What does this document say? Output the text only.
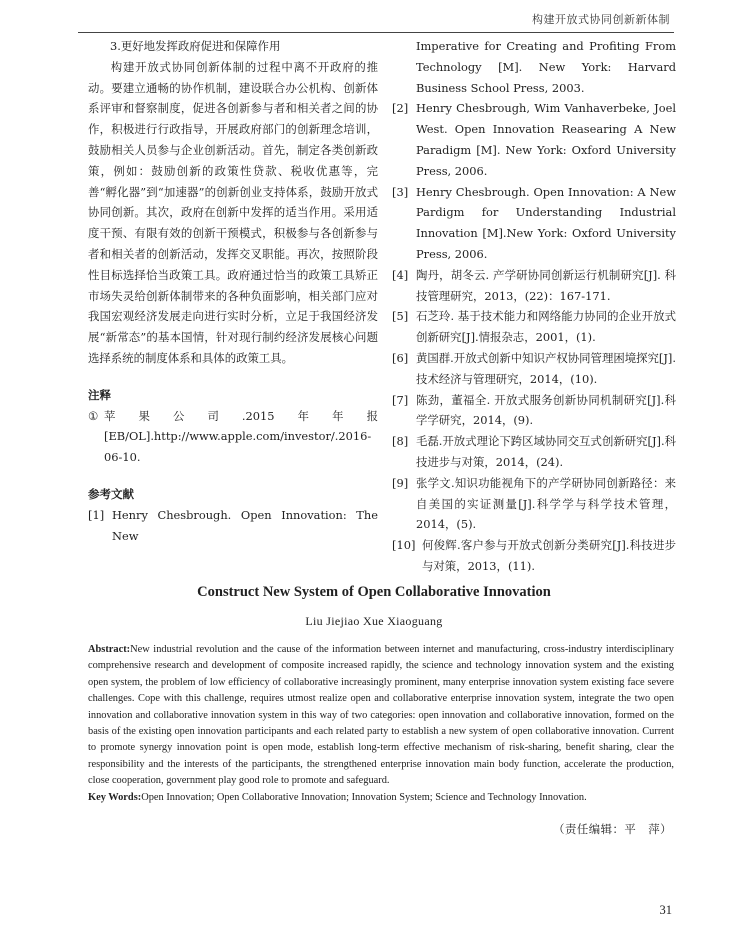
构建开放式协同创新新体制

3.更好地发挥政府促进和保障作用

构建开放式协同创新体制的过程中离不开政府的推动。要建立通畅的协作机制，建设联合办公机构、创新体系评审和督察制度，促进各创新参与者和相关者之间的协作，积极进行行政指导，开展政府部门的创新理念培训，鼓励相关人员参与企业创新活动。首先，制定各类创新政策，例如：鼓励创新的政策性贷款、税收优惠等，完善“孵化器”到“加速器”的创新创业支持体系，鼓励开放式协同创新。其次，政府在创新中发挥的适当作用。采用适度干预、有限有效的创新干预模式，积极参与各创新参与者和相关者的创新活动，发挥交叉职能。再次，按照阶段性目标选择恰当政策工具。政府通过恰当的政策工具矫正市场失灵给创新体制带来的各种负面影响，相关部门应对我国宏观经济发展走向进行实时分析，立足于我国经济发展“新常态”的基本国情，针对现行制约经济发展核心问题选择系统的制度体系和具体的政策工具。

注释

① 苹果公司.2015年年报[EB/OL].http://www.apple.com/investor/.2016-06-10.

参考文献

[1] Henry Chesbrough. Open Innovation: The New
Imperative for Creating and Profiting From Technology [M]. New York: Harvard Business School Press, 2003.
[2] Henry Chesbrough, Wim Vanhaverbeke, Joel West. Open Innovation Reasearing A New Paradigm [M]. New York: Oxford University Press, 2006.
[3] Henry Chesbrough. Open Innovation: A New Pardigm for Understanding Industrial Innovation [M].New York: Oxford University Press, 2006.
[4] 陶丹，胡冬云. 产学研协同创新运行机制研究[J]. 科技管理研究，2013，(22)：167-171.
[5] 石芝玲. 基于技术能力和网络能力协同的企业开放式创新研究[J].情报杂志，2001，(1).
[6] 黄国群.开放式创新中知识产权协同管理困境探究[J]. 技术经济与管理研究，2014，(10).
[7] 陈劲，董福全. 开放式服务创新协同机制研究[J].科学学研究，2014，(9).
[8] 毛磊.开放式理论下跨区域协同交互式创新研究[J].科技进步与对策，2014，(24).
[9] 张学文.知识功能视角下的产学研协同创新路径：来自美国的实证测量[J].科学学与科学技术管理，2014，(5).
[10] 何俊辉.客户参与开放式创新分类研究[J].科技进步与对策，2013，(11).
Construct New System of Open Collaborative Innovation
Liu Jiejiao Xue Xiaoguang
Abstract:New industrial revolution and the cause of the information between internet and manufacturing, cross-industry interdisciplinary comprehensive research and development of composite increased rapidly, the science and technology innovation system and the existing open system, the problem of low efficiency of collaborative increasingly prominent, many enterprise innovation system existing face severe challenges. Cope with this challenge, requires utmost realize open and collaborative enterprise innovation system, integrate the two open innovation and collaborative innovation system in this way of two categories: open innovation and collaborative innovation, formed on the basis of the existing open innovation participants and each related party to establish a new system of open collaborative innovation. Current to promote synergy innovation point is open mode, establish long-term effective mechanism of risk-sharing, benefit sharing, clear the responsibility and the interests of the participants, the strengthened enterprise innovation main body function, accelerate the production, close cooperation, government play good role to promote and safeguard.
Key Words:Open Innovation; Open Collaborative Innovation; Innovation System; Science and Technology Innovation.
（责任编辑：平　萍）
31
